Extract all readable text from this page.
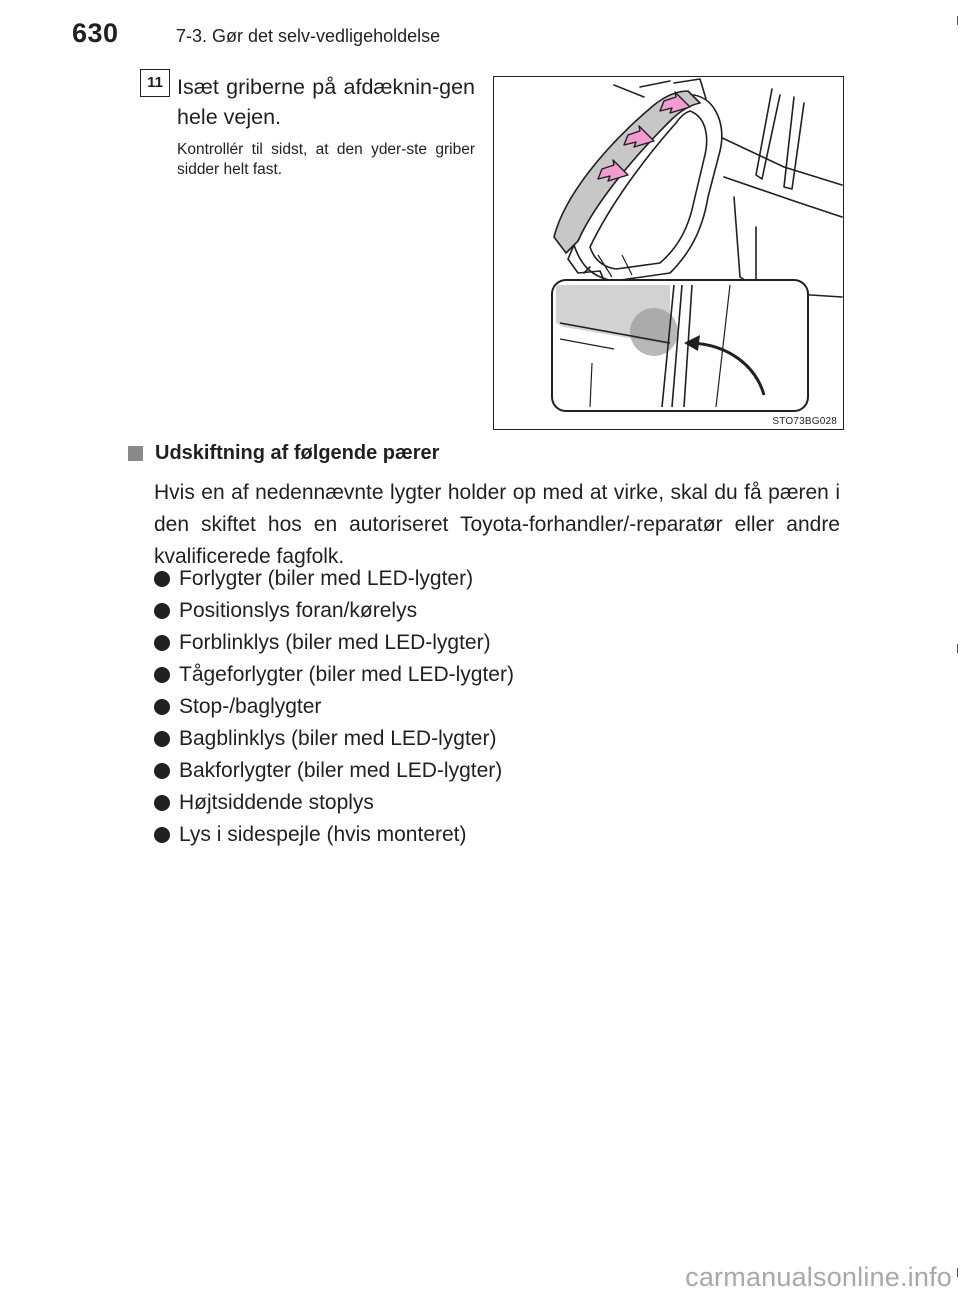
630	7-3. Gør det selv-vedligeholdelse
11 Isæt griberne på afdæknin-gen hele vejen.
Kontrollér til sidst, at den yder-ste griber sidder helt fast.
STO73BG028
Udskiftning af følgende pærer
Hvis en af nedennævnte lygter holder op med at virke, skal du få pæren i den skiftet hos en autoriseret Toyota-forhandler/-reparatør eller andre kvalificerede fagfolk.
Forlygter (biler med LED-lygter)
Positionslys foran/kørelys
Forblinklys (biler med LED-lygter)
Tågeforlygter (biler med LED-lygter)
Stop-/baglygter
Bagblinklys (biler med LED-lygter)
Bakforlygter (biler med LED-lygter)
Højtsiddende stoplys
Lys i sidespejle (hvis monteret)
carmanualsonline.info
